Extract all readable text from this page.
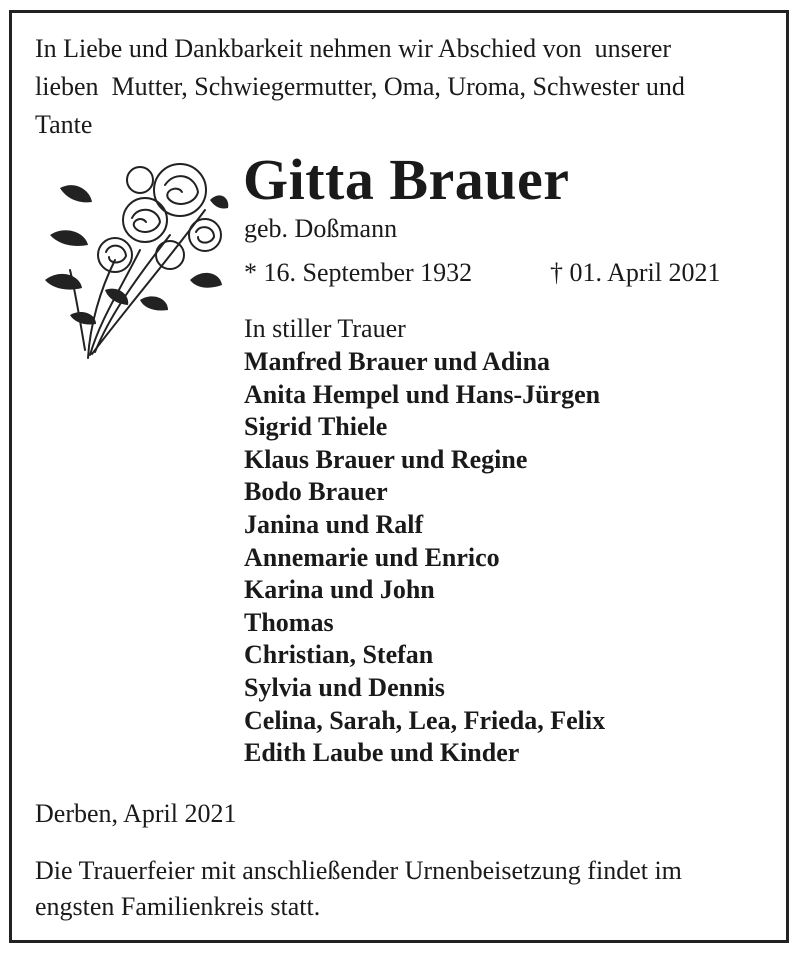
In Liebe und Dankbarkeit nehmen wir Abschied von  unserer
lieben  Mutter, Schwiegermutter, Oma, Uroma, Schwester und
Tante
Gitta Brauer
geb. Doßmann
* 16. September 1932	† 01. April 2021
In stiller Trauer
Manfred Brauer und Adina
Anita Hempel und Hans-Jürgen
Sigrid Thiele
Klaus Brauer und Regine
Bodo Brauer
Janina und Ralf
Annemarie und Enrico
Karina und John
Thomas
Christian, Stefan
Sylvia und Dennis
Celina, Sarah, Lea, Frieda, Felix
Edith Laube und Kinder
Derben, April 2021
Die Trauerfeier mit anschließender Urnenbeisetzung findet im
engsten Familienkreis statt.
